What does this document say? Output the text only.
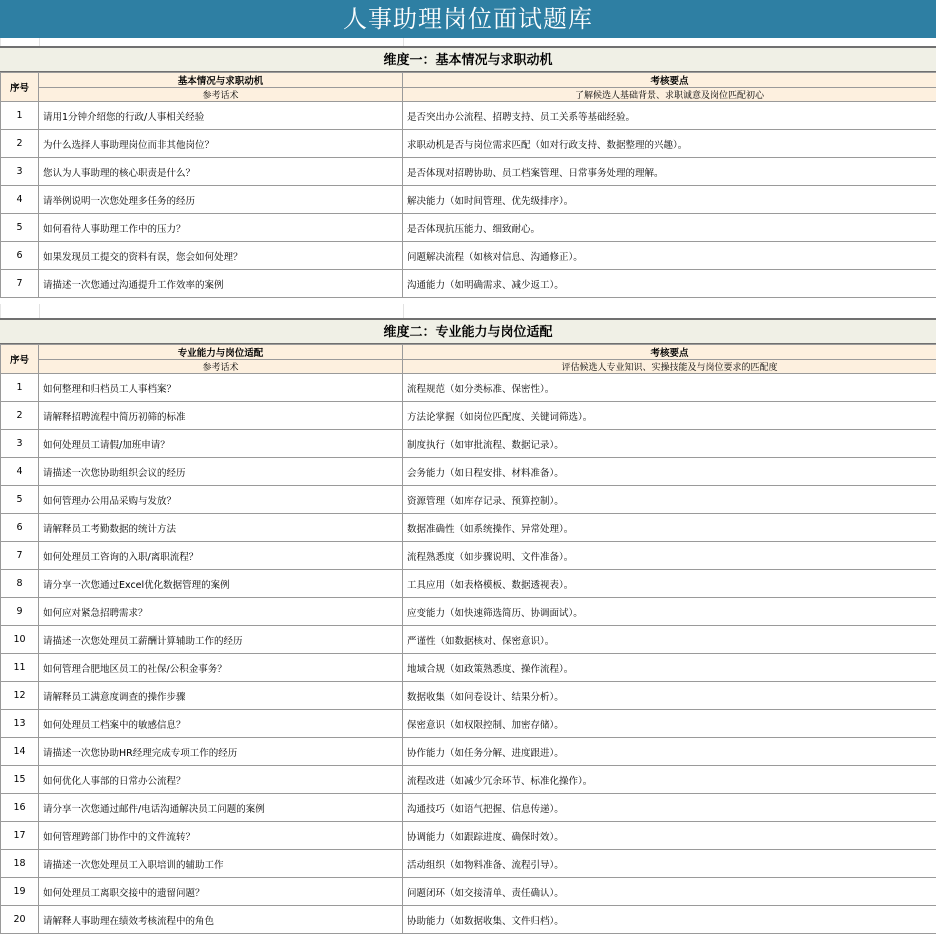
人事助理岗位面试题库
维度一：基本情况与求职动机
序号	基本情况与求职动机	考核要点
	参考话术	了解候选人基础背景、求职诚意及岗位匹配初心
1	请用1分钟介绍您的行政/人事相关经验	是否突出办公流程、招聘支持、员工关系等基础经验。
2	为什么选择人事助理岗位而非其他岗位？	求职动机是否与岗位需求匹配（如对行政支持、数据整理的兴趣）。
3	您认为人事助理的核心职责是什么？	是否体现对招聘协助、员工档案管理、日常事务处理的理解。
4	请举例说明一次您处理多任务的经历	解决能力（如时间管理、优先级排序）。
5	如何看待人事助理工作中的压力？	是否体现抗压能力、细致耐心。
6	如果发现员工提交的资料有误，您会如何处理？	问题解决流程（如核对信息、沟通修正）。
7	请描述一次您通过沟通提升工作效率的案例	沟通能力（如明确需求、减少返工）。
维度二：专业能力与岗位适配
序号	专业能力与岗位适配	考核要点
	参考话术	评估候选人专业知识、实操技能及与岗位要求的匹配度
1	如何整理和归档员工人事档案？	流程规范（如分类标准、保密性）。
2	请解释招聘流程中简历初筛的标准	方法论掌握（如岗位匹配度、关键词筛选）。
3	如何处理员工请假/加班申请？	制度执行（如审批流程、数据记录）。
4	请描述一次您协助组织会议的经历	会务能力（如日程安排、材料准备）。
5	如何管理办公用品采购与发放？	资源管理（如库存记录、预算控制）。
6	请解释员工考勤数据的统计方法	数据准确性（如系统操作、异常处理）。
7	如何处理员工咨询的入职/离职流程？	流程熟悉度（如步骤说明、文件准备）。
8	请分享一次您通过Excel优化数据管理的案例	工具应用（如表格模板、数据透视表）。
9	如何应对紧急招聘需求？	应变能力（如快速筛选简历、协调面试）。
10	请描述一次您处理员工薪酬计算辅助工作的经历	严谨性（如数据核对、保密意识）。
11	如何管理合肥地区员工的社保/公积金事务？	地域合规（如政策熟悉度、操作流程）。
12	请解释员工满意度调查的操作步骤	数据收集（如问卷设计、结果分析）。
13	如何处理员工档案中的敏感信息？	保密意识（如权限控制、加密存储）。
14	请描述一次您协助HR经理完成专项工作的经历	协作能力（如任务分解、进度跟进）。
15	如何优化人事部的日常办公流程？	流程改进（如减少冗余环节、标准化操作）。
16	请分享一次您通过邮件/电话沟通解决员工问题的案例	沟通技巧（如语气把握、信息传递）。
17	如何管理跨部门协作中的文件流转？	协调能力（如跟踪进度、确保时效）。
18	请描述一次您处理员工入职培训的辅助工作	活动组织（如物料准备、流程引导）。
19	如何处理员工离职交接中的遗留问题？	问题闭环（如交接清单、责任确认）。
20	请解释人事助理在绩效考核流程中的角色	协助能力（如数据收集、文件归档）。
